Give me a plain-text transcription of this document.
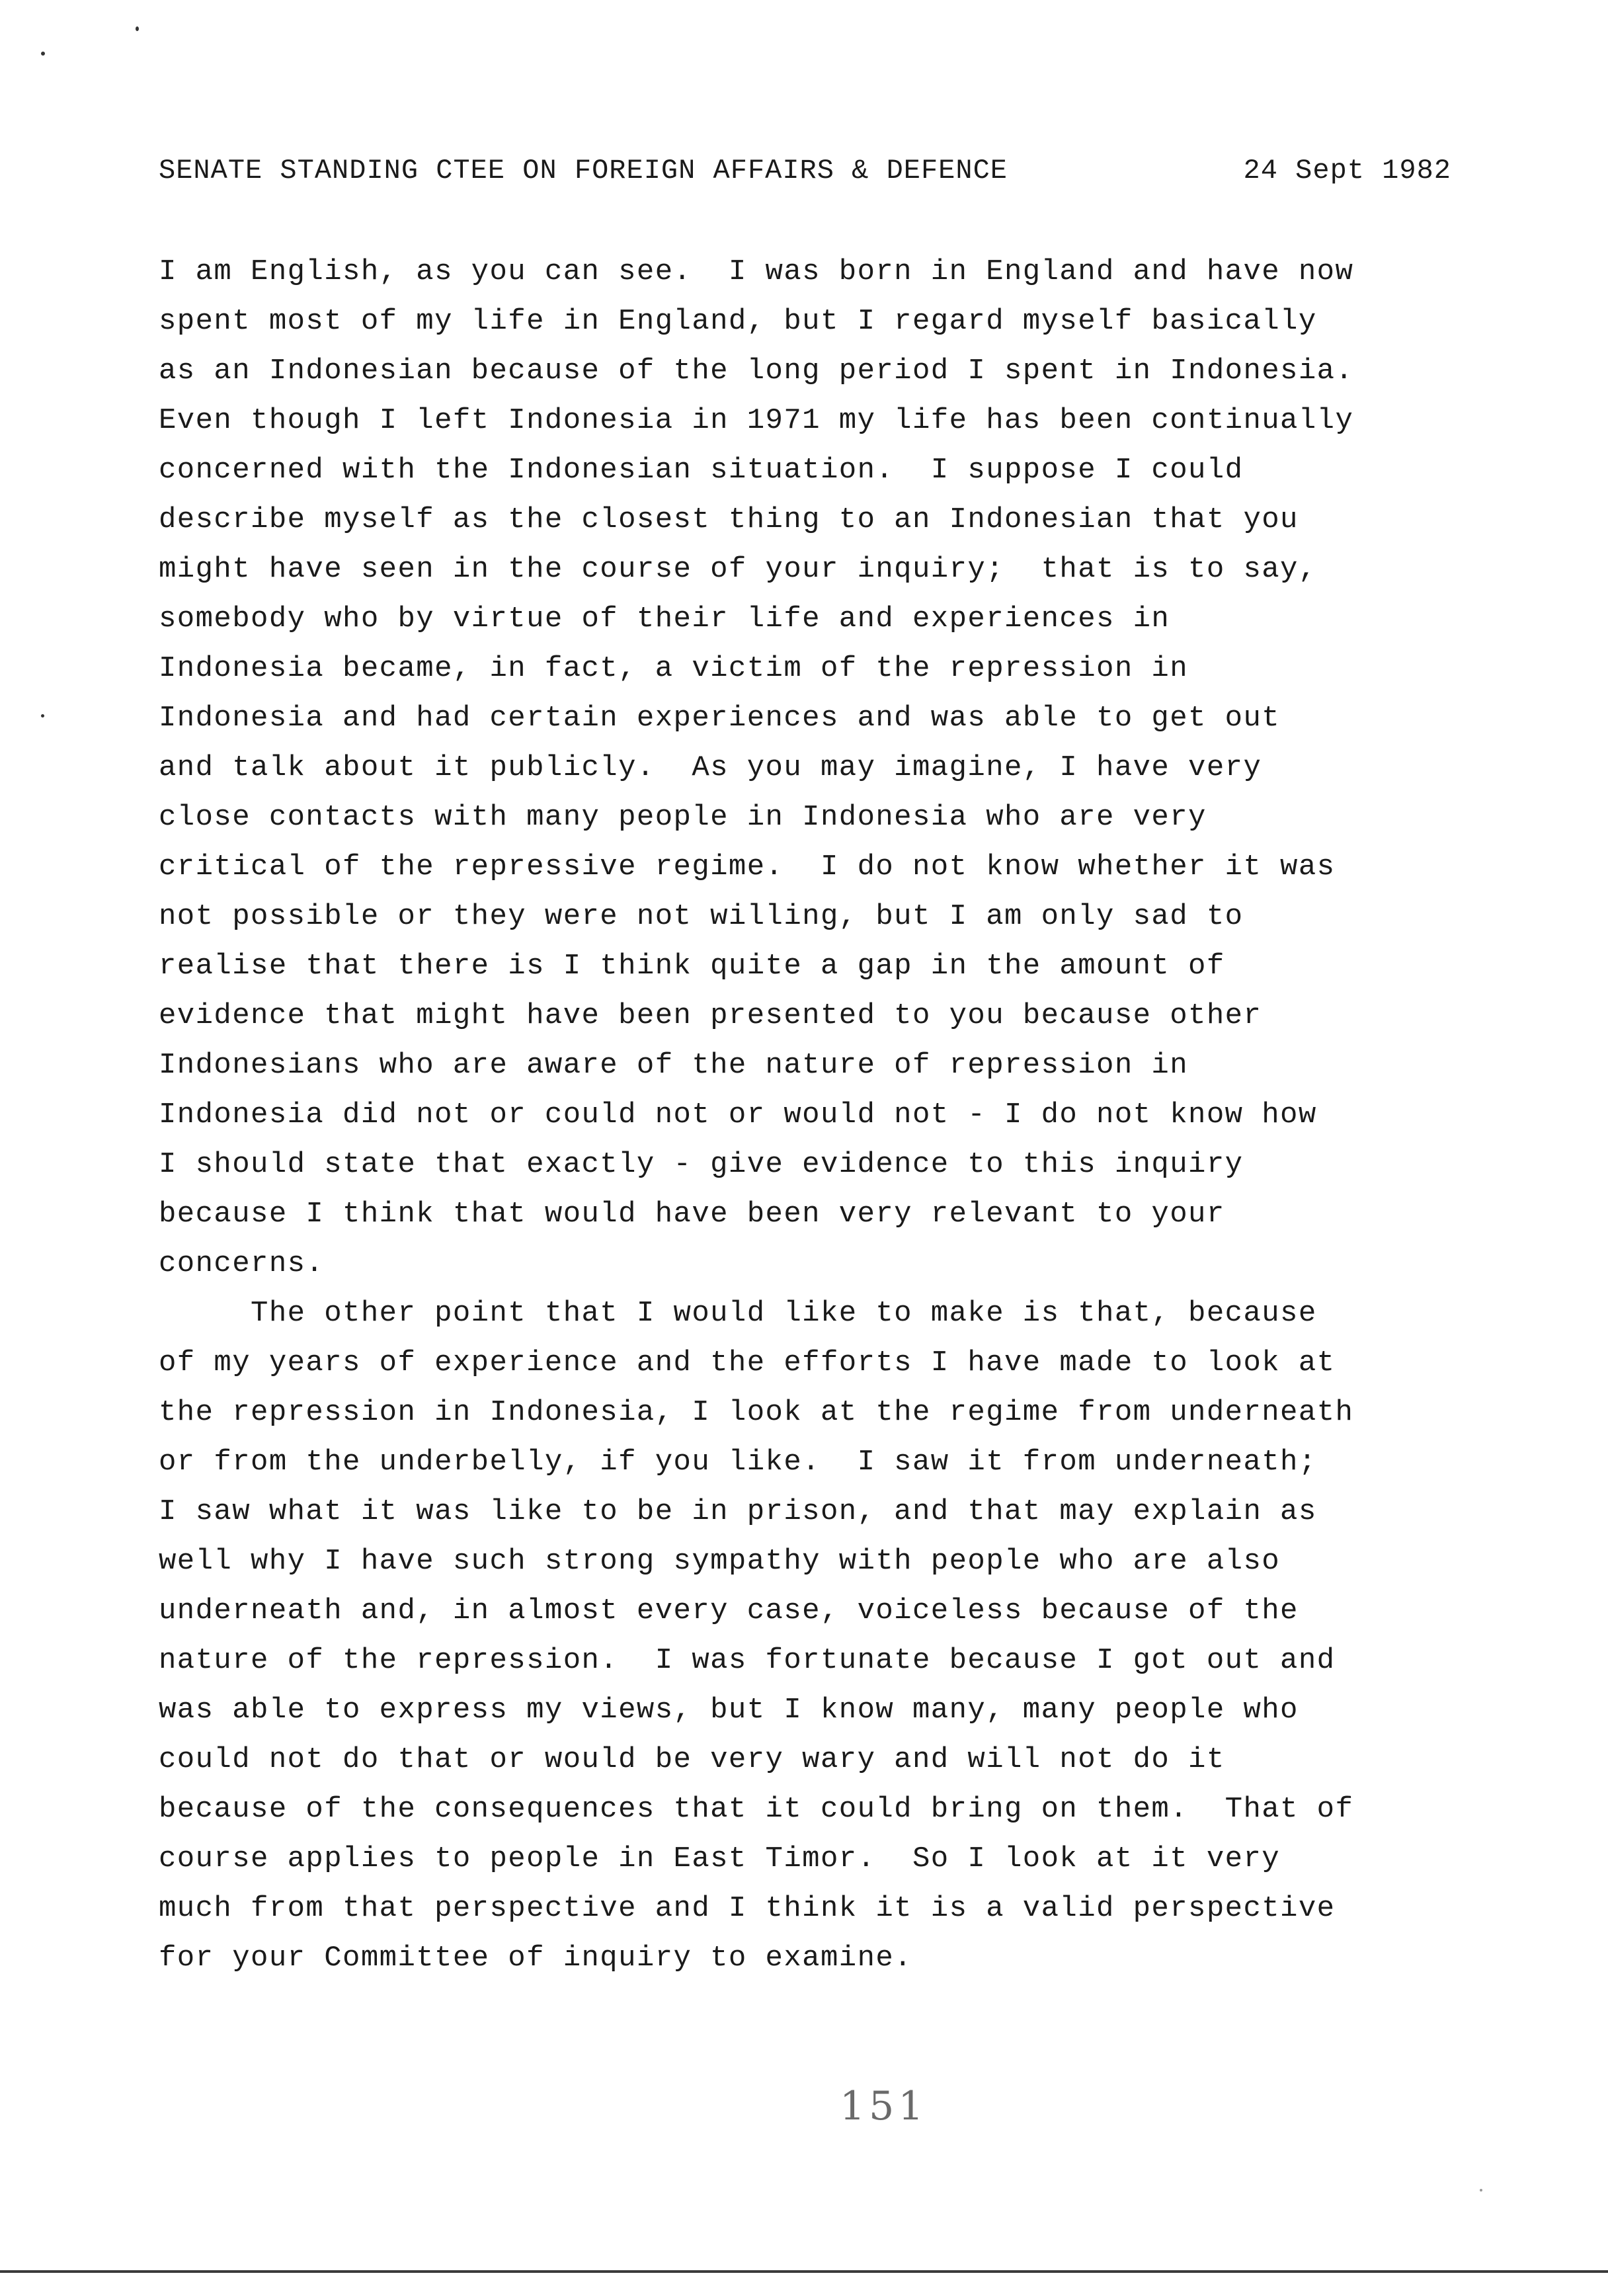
SENATE STANDING CTEE ON FOREIGN AFFAIRS & DEFENCE	24 Sept 1982
I am English, as you can see.  I was born in England and have now
spent most of my life in England, but I regard myself basically
as an Indonesian because of the long period I spent in Indonesia.
Even though I left Indonesia in 1971 my life has been continually
concerned with the Indonesian situation.  I suppose I could
describe myself as the closest thing to an Indonesian that you
might have seen in the course of your inquiry;  that is to say,
somebody who by virtue of their life and experiences in
Indonesia became, in fact, a victim of the repression in
Indonesia and had certain experiences and was able to get out
and talk about it publicly.  As you may imagine, I have very
close contacts with many people in Indonesia who are very
critical of the repressive regime.  I do not know whether it was
not possible or they were not willing, but I am only sad to
realise that there is I think quite a gap in the amount of
evidence that might have been presented to you because other
Indonesians who are aware of the nature of repression in
Indonesia did not or could not or would not - I do not know how
I should state that exactly - give evidence to this inquiry
because I think that would have been very relevant to your
concerns.
The other point that I would like to make is that, because
of my years of experience and the efforts I have made to look at
the repression in Indonesia, I look at the regime from underneath
or from the underbelly, if you like.  I saw it from underneath;
I saw what it was like to be in prison, and that may explain as
well why I have such strong sympathy with people who are also
underneath and, in almost every case, voiceless because of the
nature of the repression.  I was fortunate because I got out and
was able to express my views, but I know many, many people who
could not do that or would be very wary and will not do it
because of the consequences that it could bring on them.  That of
course applies to people in East Timor.  So I look at it very
much from that perspective and I think it is a valid perspective
for your Committee of inquiry to examine.
151
